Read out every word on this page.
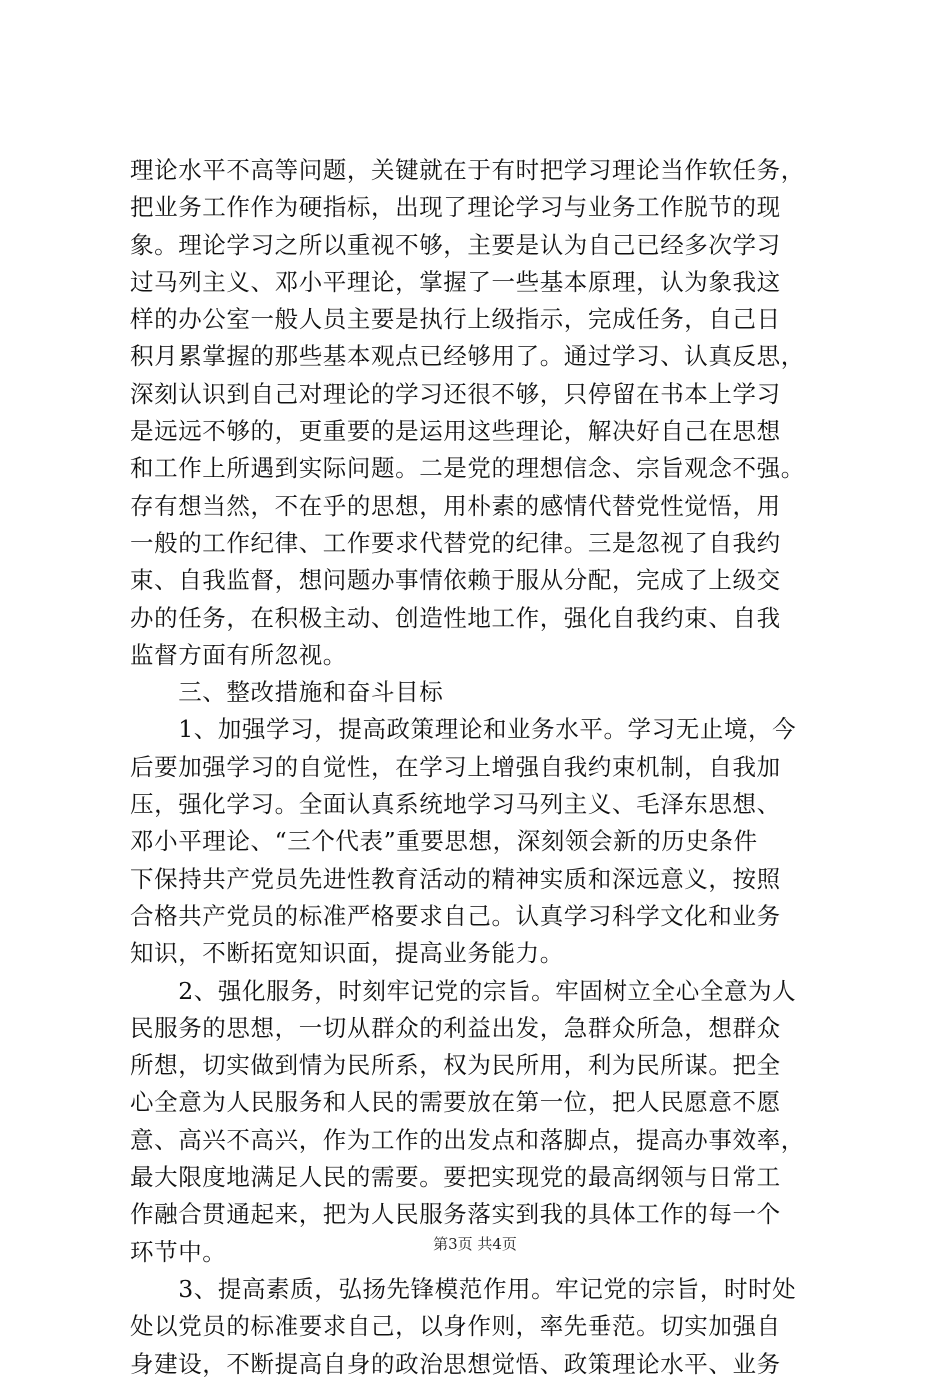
理论水平不高等问题，关键就在于有时把学习理论当作软任务，
把业务工作作为硬指标，出现了理论学习与业务工作脱节的现
象。理论学习之所以重视不够，主要是认为自己已经多次学习
过马列主义、邓小平理论，掌握了一些基本原理，认为象我这
样的办公室一般人员主要是执行上级指示，完成任务，自己日
积月累掌握的那些基本观点已经够用了。通过学习、认真反思，
深刻认识到自己对理论的学习还很不够，只停留在书本上学习
是远远不够的，更重要的是运用这些理论，解决好自己在思想
和工作上所遇到实际问题。二是党的理想信念、宗旨观念不强。
存有想当然，不在乎的思想，用朴素的感情代替党性觉悟，用
一般的工作纪律、工作要求代替党的纪律。三是忽视了自我约
束、自我监督，想问题办事情依赖于服从分配，完成了上级交
办的任务，在积极主动、创造性地工作，强化自我约束、自我
监督方面有所忽视。
　　三、整改措施和奋斗目标
　　1、加强学习，提高政策理论和业务水平。学习无止境，今
后要加强学习的自觉性，在学习上增强自我约束机制，自我加
压，强化学习。全面认真系统地学习马列主义、毛泽东思想、
邓小平理论、“三个代表”重要思想，深刻领会新的历史条件
下保持共产党员先进性教育活动的精神实质和深远意义，按照
合格共产党员的标准严格要求自己。认真学习科学文化和业务
知识，不断拓宽知识面，提高业务能力。
　　2、强化服务，时刻牢记党的宗旨。牢固树立全心全意为人
民服务的思想，一切从群众的利益出发，急群众所急，想群众
所想，切实做到情为民所系，权为民所用，利为民所谋。把全
心全意为人民服务和人民的需要放在第一位，把人民愿意不愿
意、高兴不高兴，作为工作的出发点和落脚点，提高办事效率，
最大限度地满足人民的需要。要把实现党的最高纲领与日常工
作融合贯通起来，把为人民服务落实到我的具体工作的每一个
环节中。
　　3、提高素质，弘扬先锋模范作用。牢记党的宗旨，时时处
处以党员的标准要求自己，以身作则，率先垂范。切实加强自
身建设，不断提高自身的政治思想觉悟、政策理论水平、业务
第3页 共4页
